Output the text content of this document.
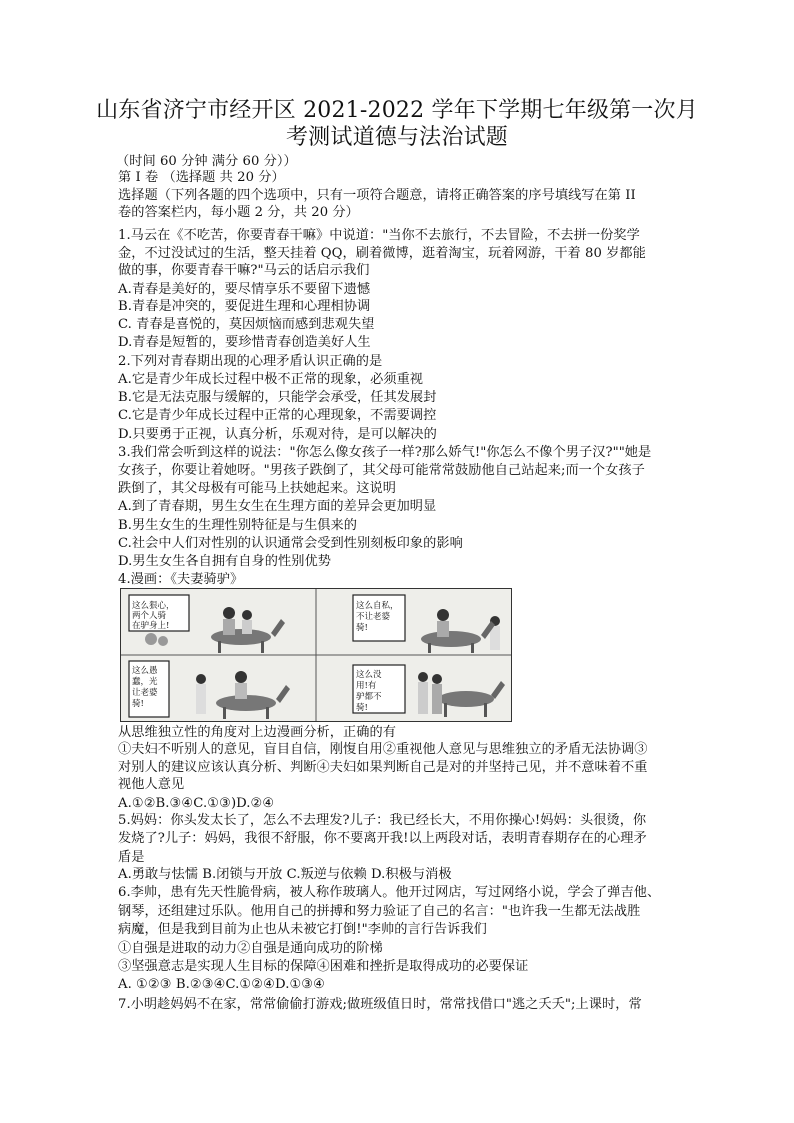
山东省济宁市经开区 2021-2022 学年下学期七年级第一次月
考测试道德与法治试题
（时间 60 分钟 满分 60 分））
第 Ⅰ 卷 （选择题 共 20 分）
选择题（下列各题的四个选项中，只有一项符合题意，请将正确答案的序号填线写在第 II
卷的答案栏内，每小题 2 分，共 20 分）
1.马云在《不吃苦，你要青春干嘛》中说道："当你不去旅行，不去冒险，不去拼一份奖学
金，不过没试过的生活，整天挂着 QQ，刷着微博，逛着淘宝，玩着网游，干着 80 岁都能
做的事，你要青春干嘛?"马云的话启示我们
A.青春是美好的，要尽情享乐不要留下遗憾
B.青春是冲突的，要促进生理和心理相协调
C. 青春是喜悦的，莫因烦恼而感到悲观失望
D.青春是短暂的，要珍惜青春创造美好人生
2.下列对青春期出现的心理矛盾认识正确的是
A.它是青少年成长过程中极不正常的现象，必须重视
B.它是无法克服与缓解的，只能学会承受，任其发展封
C.它是青少年成长过程中正常的心理现象，不需要调控
D.只要勇于正视，认真分析，乐观对待，是可以解决的
3.我们常会听到这样的说法："你怎么像女孩子一样?那么娇气!"你怎么不像个男子汉?""她是
女孩子，你要让着她呀。"男孩子跌倒了，其父母可能常常鼓励他自己站起来;而一个女孩子
跌倒了，其父母极有可能马上扶她起来。这说明
A.到了青春期，男生女生在生理方面的差异会更加明显
B.男生女生的生理性别特征是与生俱来的
C.社会中人们对性别的认识通常会受到性别刻板印象的影响
D.男生女生各自拥有自身的性别优势
4.漫画：《夫妻骑驴》
从思维独立性的角度对上边漫画分析，正确的有
①夫妇不听别人的意见，盲目自信，刚愎自用②重视他人意见与思维独立的矛盾无法协调③
对别人的建议应该认真分析、判断④夫妇如果判断自己是对的并坚持己见，并不意味着不重
视他人意见
A.①②B.③④C.①③)D.②④
5.妈妈：你头发太长了，怎么不去理发?儿子：我已经长大，不用你操心!妈妈：头很烫，你
发烧了?儿子：妈妈，我很不舒服，你不要离开我!以上两段对话，表明青春期存在的心理矛
盾是
A.勇敢与怯懦 B.闭锁与开放 C.叛逆与依赖 D.积极与消极
6.李帅，患有先天性脆骨病，被人称作玻璃人。他开过网店，写过网络小说，学会了弹吉他、
钢琴，还组建过乐队。他用自己的拼搏和努力验证了自己的名言："也许我一生都无法战胜
病魔，但是我到目前为止也从未被它打倒!"李帅的言行告诉我们
①自强是进取的动力②自强是通向成功的阶梯
③坚强意志是实现人生目标的保障④困难和挫折是取得成功的必要保证
A. ①②③ B.②③④C.①②④D.①③④
7.小明趁妈妈不在家，常常偷偷打游戏;做班级值日时，常常找借口"逃之夭夭";上课时，常
这么狠心，
两个人骑
在驴身上!
这么自私，
不让老婆
骑!
这么愚
蠢，光
让老婆
骑!
这么没
用!有
驴都不
骑!
